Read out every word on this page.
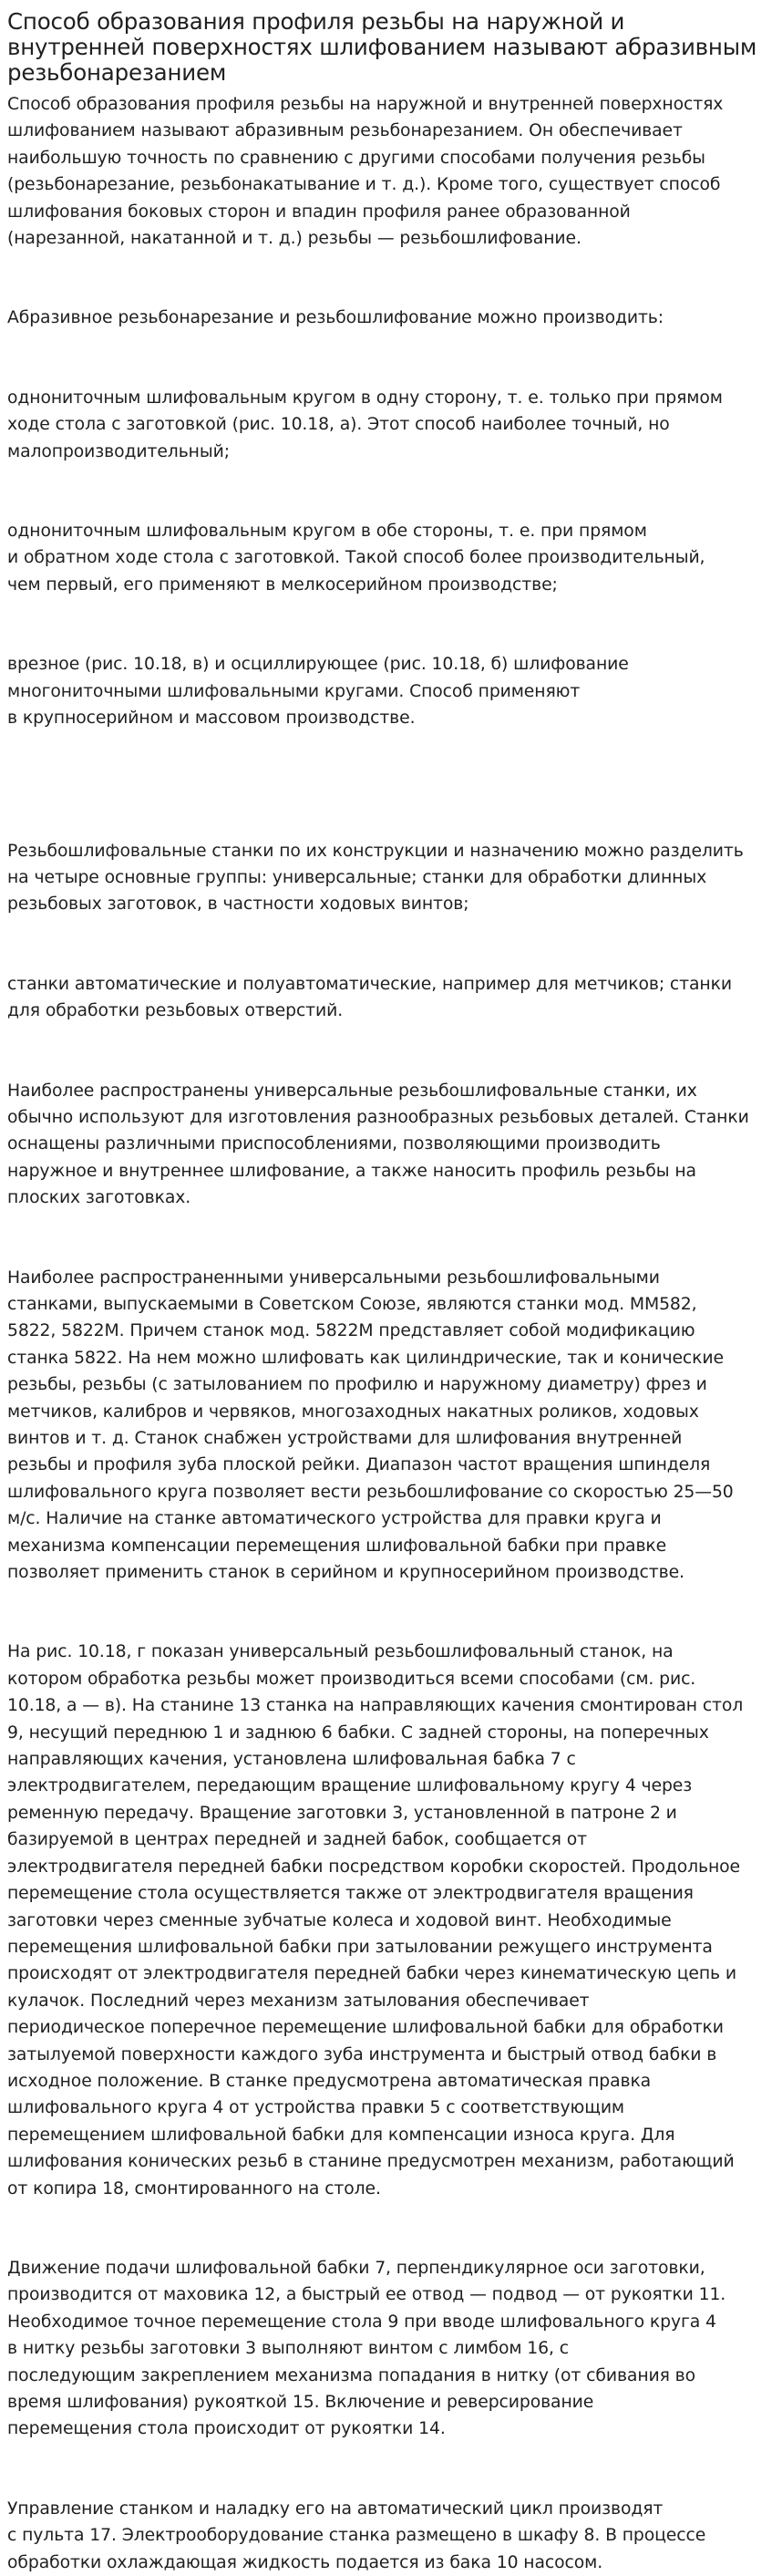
Способ образования профиля резьбы на наружной и внутренней поверхностях шлифованием называют абразивным резьбонарезанием

Способ образования профиля резьбы на наружной и внутренней поверхностях
шлифованием называют абразивным резьбонарезанием. Он обеспечивает
наибольшую точность по сравнению с другими способами получения резьбы
(резьбонарезание, резьбонакатывание и т. д.). Кроме того, существует способ
шлифования боковых сторон и впадин профиля ранее образованной
(нарезанной, накатанной и т. д.) резьбы — резьбошлифование.

Абразивное резьбонарезание и резьбошлифование можно производить:

однониточным шлифовальным кругом в одну сторону, т. е. только при прямом
ходе стола с заготовкой (рис. 10.18, а). Этот способ наиболее точный, но
малопроизводительный;

однониточным шлифовальным кругом в обе стороны, т. е. при прямом
и обратном ходе стола с заготовкой. Такой способ более производительный,
чем первый, его применяют в мелкосерийном производстве;

врезное (рис. 10.18, в) и осциллирующее (рис. 10.18, б) шлифование
многониточными шлифовальными кругами. Способ применяют
в крупносерийном и массовом производстве.

Резьбошлифовальные станки по их конструкции и назначению можно разделить
на четыре основные группы: универсальные; станки для обработки длинных
резьбовых заготовок, в частности ходовых винтов;

станки автоматические и полуавтоматические, например для метчиков; станки
для обработки резьбовых отверстий.

Наиболее распространены универсальные резьбошлифовальные станки, их
обычно используют для изготовления разнообразных резьбовых деталей. Станки
оснащены различными приспособлениями, позволяющими производить
наружное и внутреннее шлифование, а также наносить профиль резьбы на
плоских заготовках.

Наиболее распространенными универсальными резьбошлифовальными
станками, выпускаемыми в Советском Союзе, являются станки мод. ММ582,
5822, 5822М. Причем станок мод. 5822М представляет собой модификацию
станка 5822. На нем можно шлифовать как цилиндрические, так и конические
резьбы, резьбы (с затылованием по профилю и наружному диаметру) фрез и
метчиков, калибров и червяков, многозаходных накатных роликов, ходовых
винтов и т. д. Станок снабжен устройствами для шлифования внутренней
резьбы и профиля зуба плоской рейки. Диапазон частот вращения шпинделя
шлифовального круга позволяет вести резьбошлифование со скоростью 25—50
м/с. Наличие на станке автоматического устройства для правки круга и
механизма компенсации перемещения шлифовальной бабки при правке
позволяет применить станок в серийном и крупносерийном производстве.

На рис. 10.18, г показан универсальный резьбошлифовальный станок, на
котором обработка резьбы может производиться всеми способами (см. рис.
10.18, а — в). На станине 13 станка на направляющих качения смонтирован стол
9, несущий переднюю 1 и заднюю 6 бабки. С задней стороны, на поперечных
направляющих качения, установлена шлифовальная бабка 7 с
электродвигателем, передающим вращение шлифовальному кругу 4 через
ременную передачу. Вращение заготовки 3, установленной в патроне 2 и
базируемой в центрах передней и задней бабок, сообщается от
электродвигателя передней бабки посредством коробки скоростей. Продольное
перемещение стола осуществляется также от электродвигателя вращения
заготовки через сменные зубчатые колеса и ходовой винт. Необходимые
перемещения шлифовальной бабки при затыловании режущего инструмента
происходят от электродвигателя передней бабки через кинематическую цепь и
кулачок. Последний через механизм затылования обеспечивает
периодическое поперечное перемещение шлифовальной бабки для обработки
затылуемой поверхности каждого зуба инструмента и быстрый отвод бабки в
исходное положение. В станке предусмотрена автоматическая правка
шлифовального круга 4 от устройства правки 5 с соответствующим
перемещением шлифовальной бабки для компенсации износа круга. Для
шлифования конических резьб в станине предусмотрен механизм, работающий
от копира 18, смонтированного на столе.

Движение подачи шлифовальной бабки 7, перпендикулярное оси заготовки,
производится от маховика 12, а быстрый ее отвод — подвод — от рукоятки 11.
Необходимое точное перемещение стола 9 при вводе шлифовального круга 4
в нитку резьбы заготовки 3 выполняют винтом с лимбом 16, с
последующим закреплением механизма попадания в нитку (от сбивания во
время шлифования) рукояткой 15. Включение и реверсирование
перемещения стола происходит от рукоятки 14.

Управление станком и наладку его на автоматический цикл производят
с пульта 17. Электрооборудование станка размещено в шкафу 8. В процессе
обработки охлаждающая жидкость подается из бака 10 насосом.
